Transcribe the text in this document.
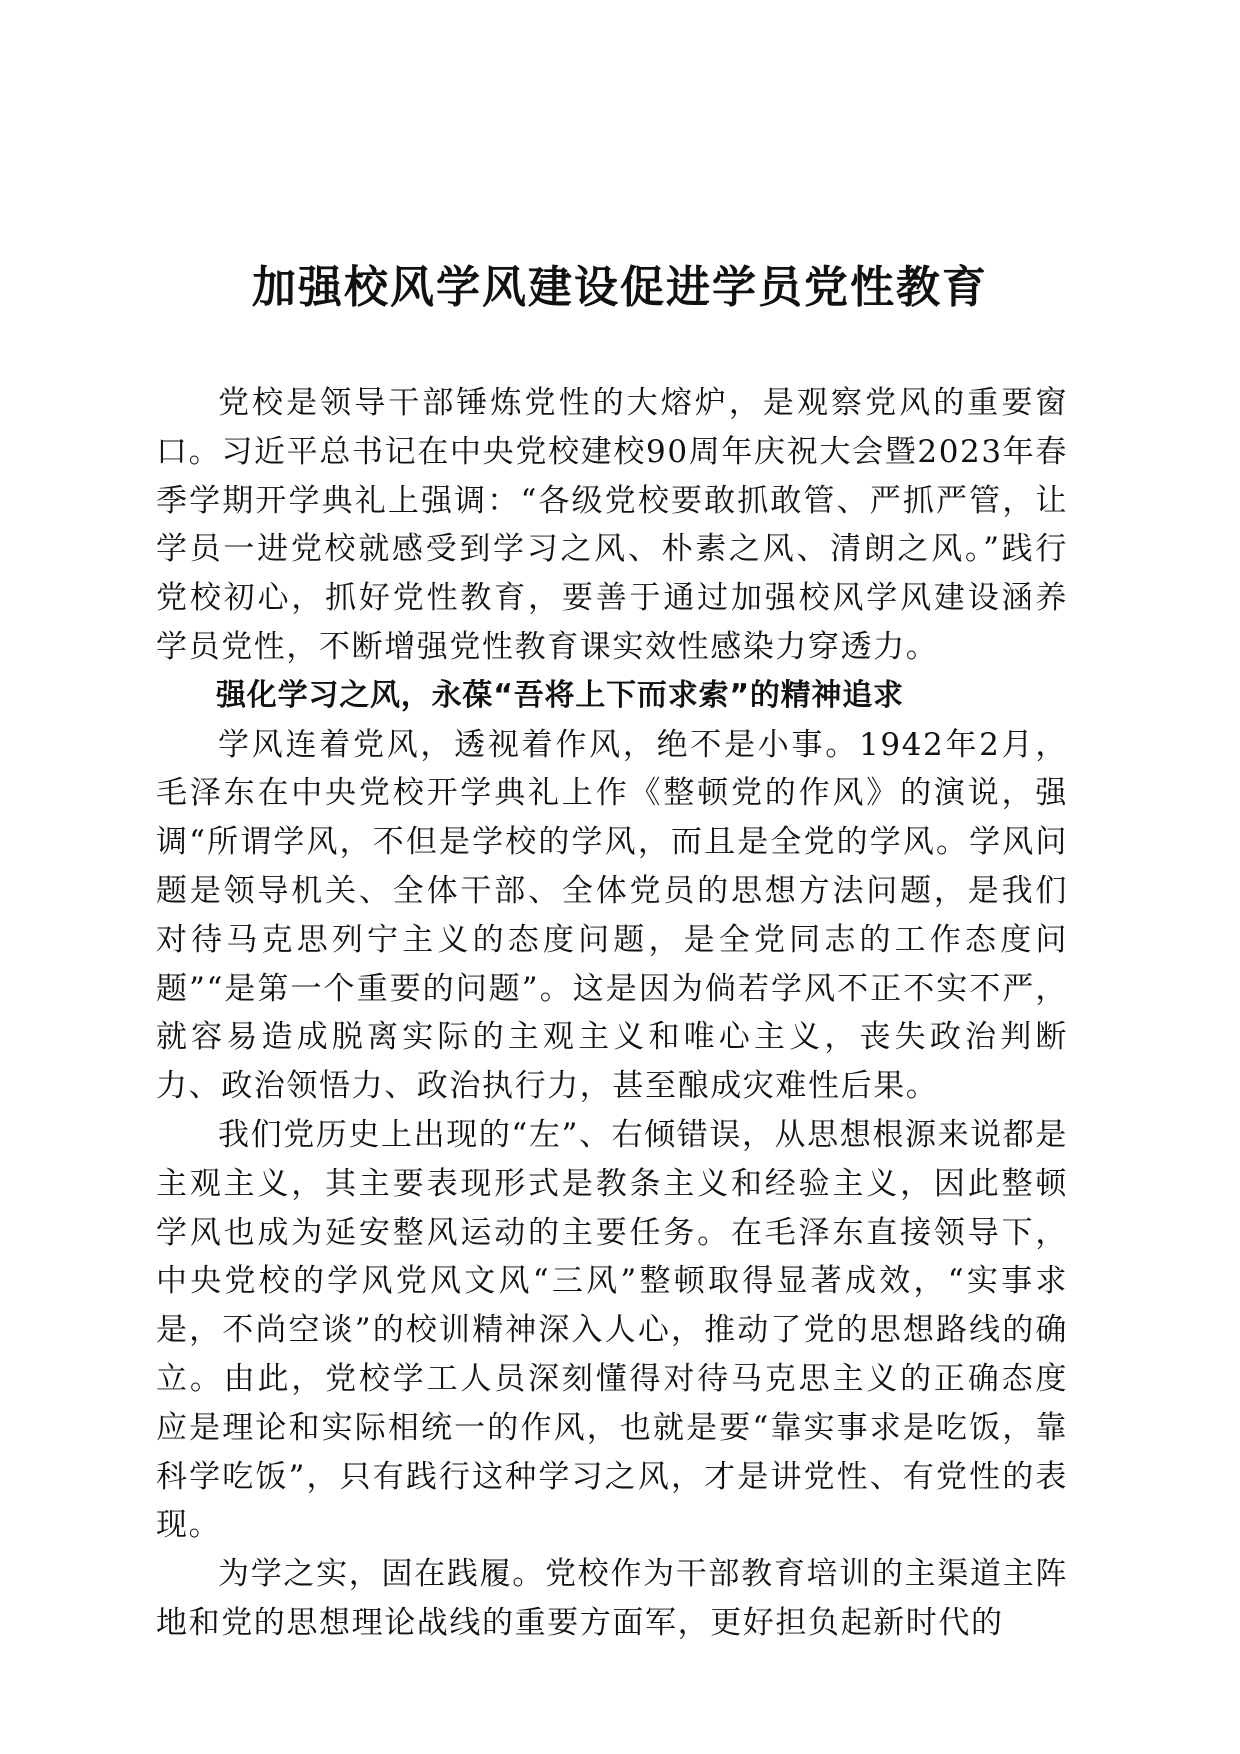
加强校风学风建设促进学员党性教育

党校是领导干部锤炼党性的大熔炉，是观察党风的重要窗口。习近平总书记在中央党校建校90周年庆祝大会暨2023年春季学期开学典礼上强调：“各级党校要敢抓敢管、严抓严管，让学员一进党校就感受到学习之风、朴素之风、清朗之风。”践行党校初心，抓好党性教育，要善于通过加强校风学风建设涵养学员党性，不断增强党性教育课实效性感染力穿透力。

强化学习之风，永葆“吾将上下而求索”的精神追求

学风连着党风，透视着作风，绝不是小事。1942年2月，毛泽东在中央党校开学典礼上作《整顿党的作风》的演说，强调“所谓学风，不但是学校的学风，而且是全党的学风。学风问题是领导机关、全体干部、全体党员的思想方法问题，是我们对待马克思列宁主义的态度问题，是全党同志的工作态度问题”“是第一个重要的问题”。这是因为倘若学风不正不实不严，就容易造成脱离实际的主观主义和唯心主义，丧失政治判断力、政治领悟力、政治执行力，甚至酿成灾难性后果。

我们党历史上出现的“左”、右倾错误，从思想根源来说都是主观主义，其主要表现形式是教条主义和经验主义，因此整顿学风也成为延安整风运动的主要任务。在毛泽东直接领导下，中央党校的学风党风文风“三风”整顿取得显著成效，“实事求是，不尚空谈”的校训精神深入人心，推动了党的思想路线的确立。由此，党校学工人员深刻懂得对待马克思主义的正确态度应是理论和实际相统一的作风，也就是要“靠实事求是吃饭，靠科学吃饭”，只有践行这种学习之风，才是讲党性、有党性的表现。

为学之实，固在践履。党校作为干部教育培训的主渠道主阵地和党的思想理论战线的重要方面军，更好担负起新时代的
